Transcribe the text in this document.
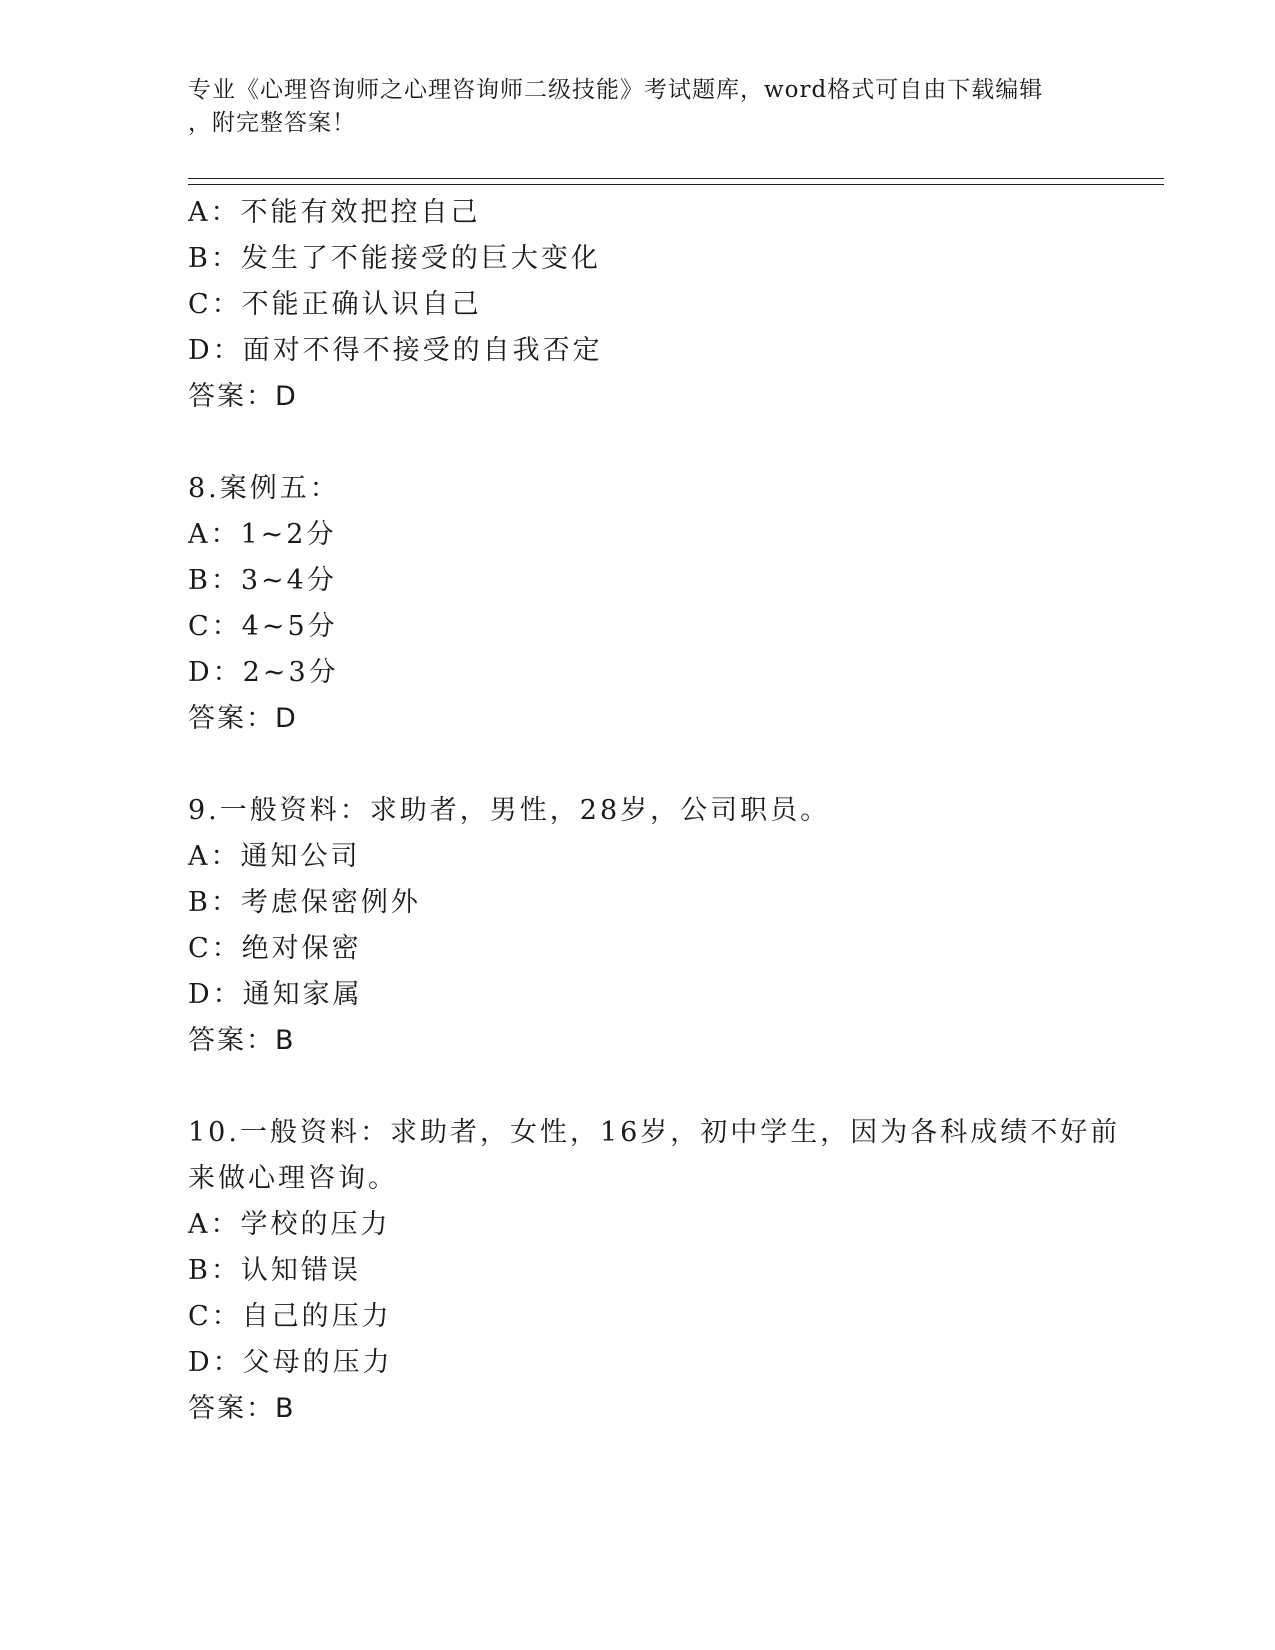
专业《心理咨询师之心理咨询师二级技能》考试题库，word格式可自由下载编辑
，附完整答案！
A：不能有效把控自己
B：发生了不能接受的巨大变化
C：不能正确认识自己
D：面对不得不接受的自我否定
答案：D
8.案例五：
A：1~2分
B：3~4分
C：4~5分
D：2~3分
答案：D
9.一般资料：求助者，男性，28岁，公司职员。
A：通知公司
B：考虑保密例外
C：绝对保密
D：通知家属
答案：B
10.一般资料：求助者，女性，16岁，初中学生，因为各科成绩不好前
来做心理咨询。
A：学校的压力
B：认知错误
C：自己的压力
D：父母的压力
答案：B
